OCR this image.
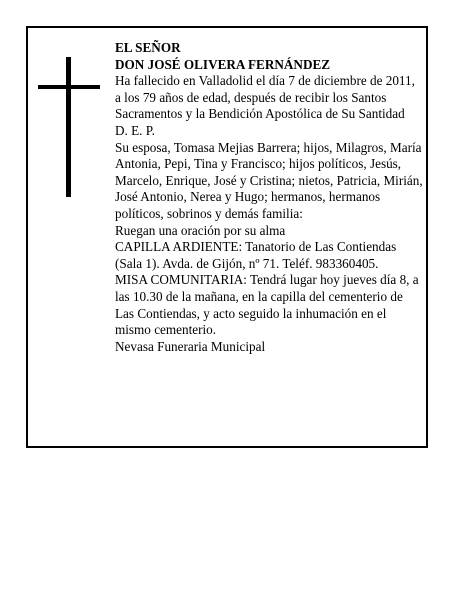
EL SEÑOR

DON JOSÉ OLIVERA FERNÁNDEZ

Ha fallecido en Valladolid el día 7 de diciembre de 2011, a los 79 años de edad, después de recibir los Santos Sacramentos y la Bendición Apostólica de Su Santidad

D. E. P.

Su esposa, Tomasa Mejias Barrera; hijos, Milagros, María Antonia, Pepi, Tina y Francisco; hijos políticos, Jesús, Marcelo, Enrique, José y Cristina; nietos, Patricia, Mirián, José Antonio, Nerea y Hugo; hermanos, hermanos políticos, sobrinos y demás familia:

Ruegan una oración por su alma

CAPILLA ARDIENTE: Tanatorio de Las Contiendas (Sala 1). Avda. de Gijón, nº 71. Teléf. 983360405.

MISA COMUNITARIA: Tendrá lugar hoy jueves día 8, a las 10.30 de la mañana, en la capilla del cementerio de Las Contiendas, y acto seguido la inhumación en el mismo cementerio.

Nevasa Funeraria Municipal
